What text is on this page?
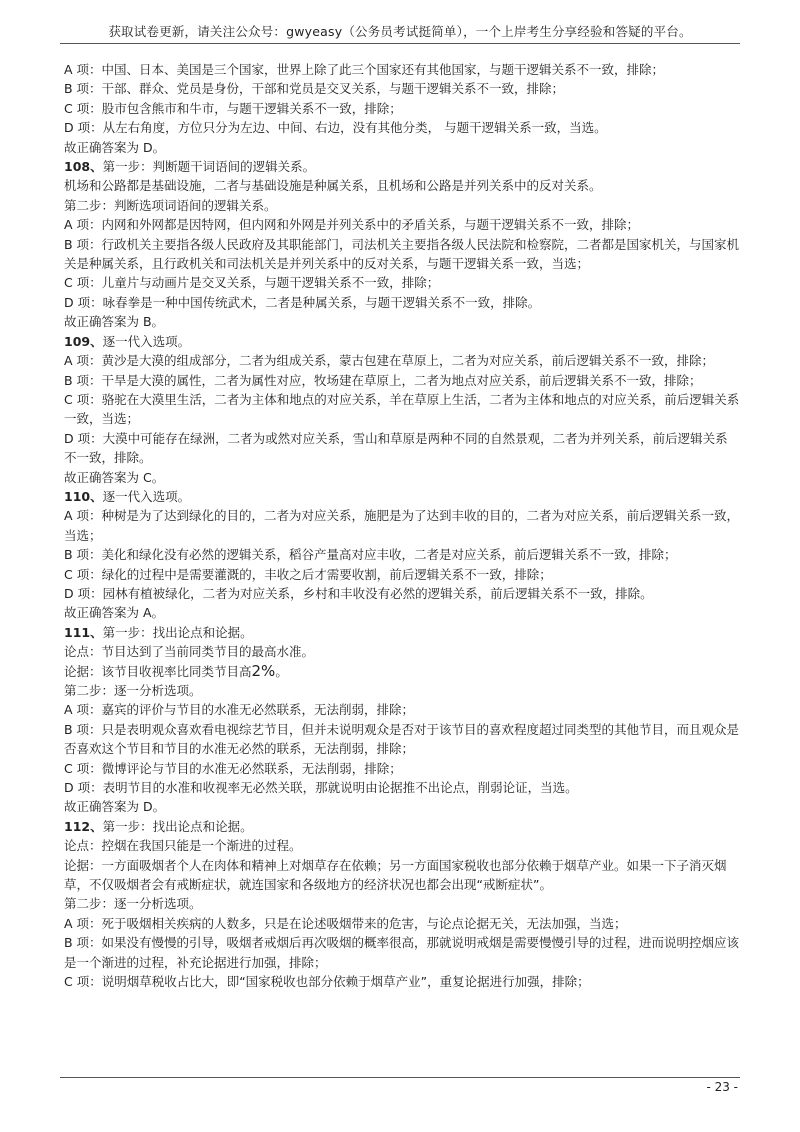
获取试卷更新，请关注公众号：gwyeasy（公务员考试挺简单），一个上岸考生分享经验和答疑的平台。

A 项：中国、日本、美国是三个国家，世界上除了此三个国家还有其他国家，与题干逻辑关系不一致，排除；

B 项：干部、群众、党员是身份，干部和党员是交叉关系，与题干逻辑关系不一致，排除；

C 项：股市包含熊市和牛市，与题干逻辑关系不一致，排除；

D 项：从左右角度，方位只分为左边、中间、右边，没有其他分类， 与题干逻辑关系一致，当选。

故正确答案为 D。

108、第一步：判断题干词语间的逻辑关系。

机场和公路都是基础设施，二者与基础设施是种属关系，且机场和公路是并列关系中的反对关系。

第二步：判断选项词语间的逻辑关系。

A 项：内网和外网都是因特网，但内网和外网是并列关系中的矛盾关系，与题干逻辑关系不一致，排除；

B 项：行政机关主要指各级人民政府及其职能部门，司法机关主要指各级人民法院和检察院，二者都是国家机关，与国家机关是种属关系，且行政机关和司法机关是并列关系中的反对关系，与题干逻辑关系一致，当选；

C 项：儿童片与动画片是交叉关系，与题干逻辑关系不一致，排除；

D 项：咏春拳是一种中国传统武术，二者是种属关系，与题干逻辑关系不一致，排除。

故正确答案为 B。

109、逐一代入选项。

A 项：黄沙是大漠的组成部分，二者为组成关系，蒙古包建在草原上，二者为对应关系，前后逻辑关系不一致，排除；

B 项：干旱是大漠的属性，二者为属性对应，牧场建在草原上，二者为地点对应关系，前后逻辑关系不一致，排除；

C 项：骆驼在大漠里生活，二者为主体和地点的对应关系，羊在草原上生活，二者为主体和地点的对应关系，前后逻辑关系一致，当选；

D 项：大漠中可能存在绿洲，二者为或然对应关系，雪山和草原是两种不同的自然景观，二者为并列关系，前后逻辑关系不一致，排除。

故正确答案为 C。

110、逐一代入选项。

A 项：种树是为了达到绿化的目的，二者为对应关系，施肥是为了达到丰收的目的，二者为对应关系，前后逻辑关系一致，当选；

B 项：美化和绿化没有必然的逻辑关系，稻谷产量高对应丰收，二者是对应关系，前后逻辑关系不一致，排除；

C 项：绿化的过程中是需要灌溉的，丰收之后才需要收割，前后逻辑关系不一致，排除；

D 项：园林有植被绿化，二者为对应关系，乡村和丰收没有必然的逻辑关系，前后逻辑关系不一致，排除。

故正确答案为 A。

111、第一步：找出论点和论据。

论点：节目达到了当前同类节目的最高水准。

论据：该节目收视率比同类节目高2%。

第二步：逐一分析选项。

A 项：嘉宾的评价与节目的水准无必然联系，无法削弱，排除；

B 项：只是表明观众喜欢看电视综艺节目，但并未说明观众是否对于该节目的喜欢程度超过同类型的其他节目，而且观众是否喜欢这个节目和节目的水准无必然的联系，无法削弱，排除；

C 项：微博评论与节目的水准无必然联系，无法削弱，排除；

D 项：表明节目的水准和收视率无必然关联，那就说明由论据推不出论点，削弱论证，当选。

故正确答案为 D。

112、第一步：找出论点和论据。

论点：控烟在我国只能是一个渐进的过程。

论据：一方面吸烟者个人在肉体和精神上对烟草存在依赖；另一方面国家税收也部分依赖于烟草产业。如果一下子消灭烟草，不仅吸烟者会有戒断症状，就连国家和各级地方的经济状况也都会出现“戒断症状”。

第二步：逐一分析选项。

A 项：死于吸烟相关疾病的人数多，只是在论述吸烟带来的危害，与论点论据无关，无法加强，当选；

B 项：如果没有慢慢的引导，吸烟者戒烟后再次吸烟的概率很高，那就说明戒烟是需要慢慢引导的过程，进而说明控烟应该是一个渐进的过程，补充论据进行加强，排除；

C 项：说明烟草税收占比大，即“国家税收也部分依赖于烟草产业”，重复论据进行加强，排除；

- 23 -
